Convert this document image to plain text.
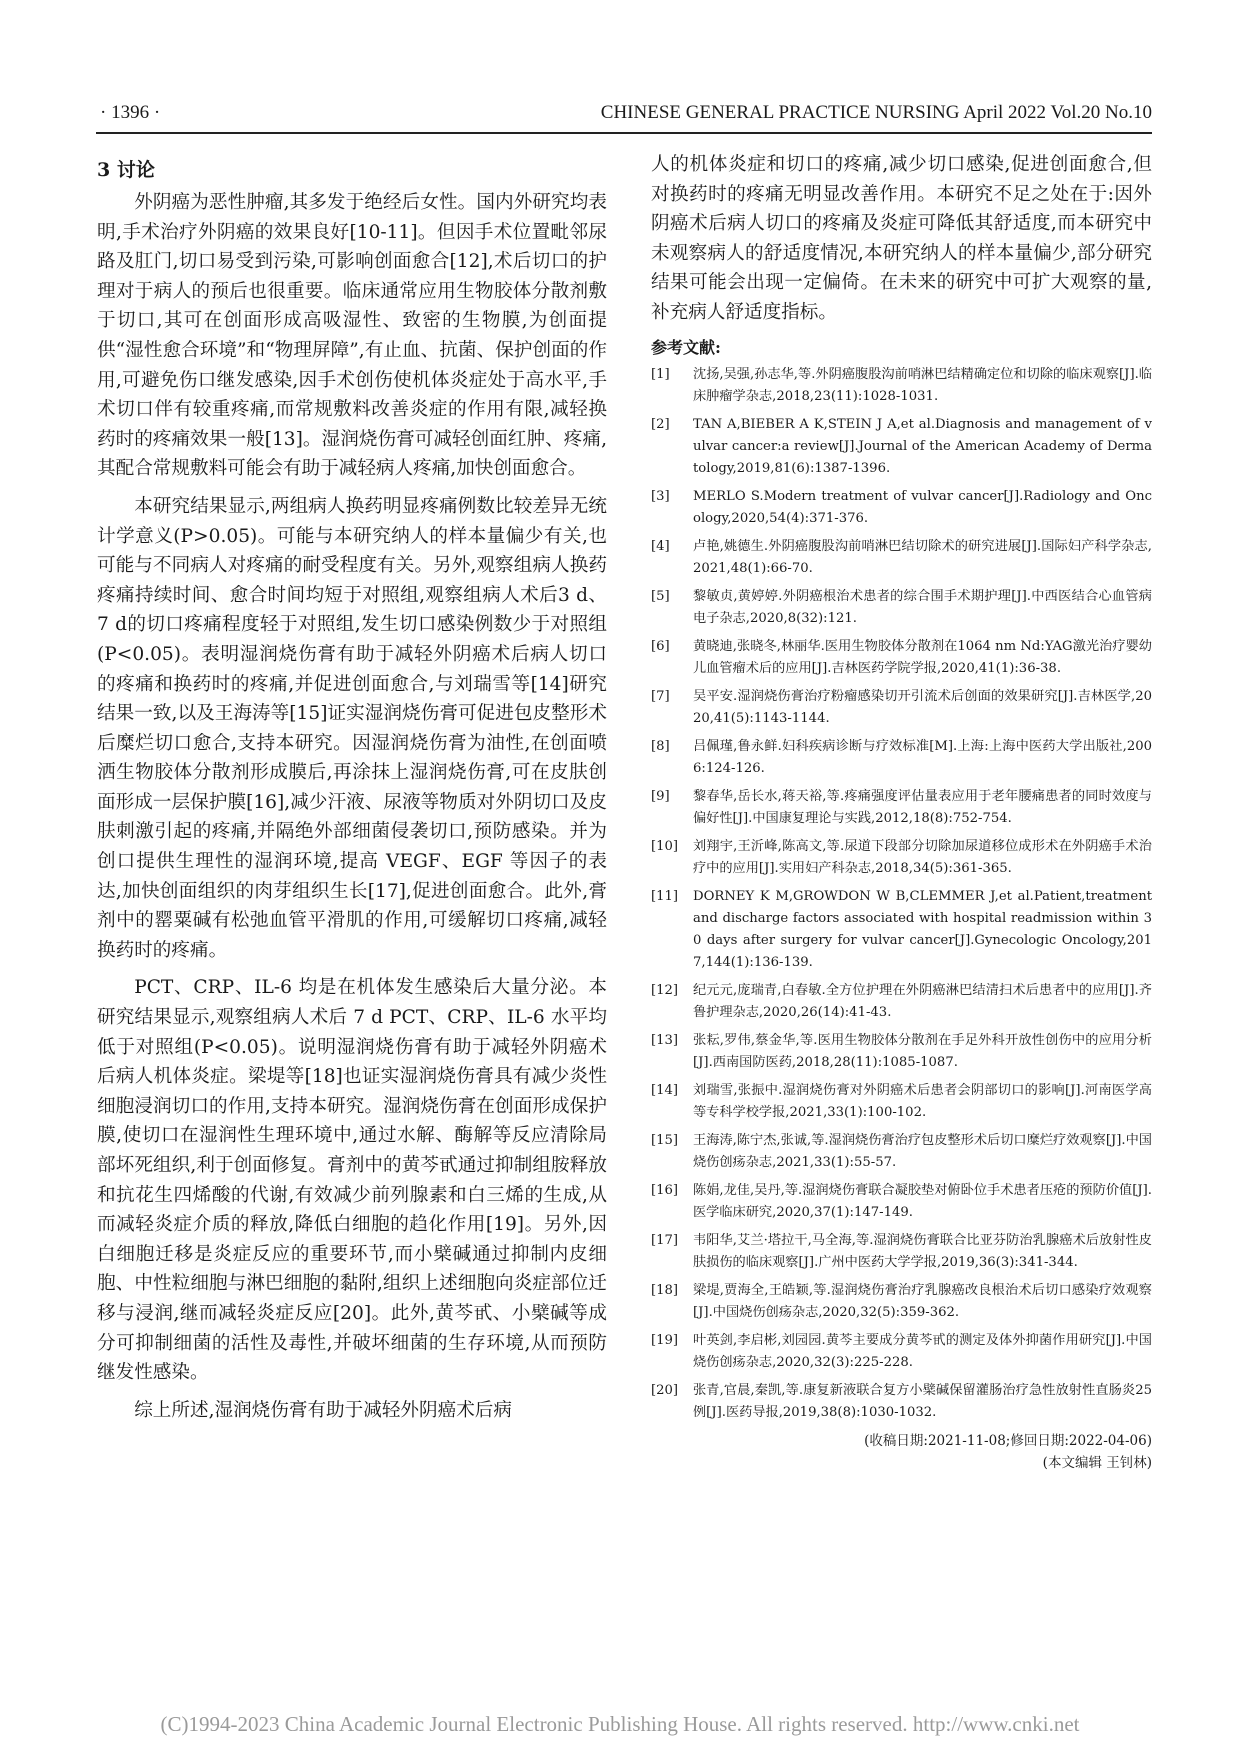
· 1396 ·	CHINESE GENERAL PRACTICE NURSING April 2022 Vol.20 No.10
3 讨论

外阴癌为恶性肿瘤,其多发于绝经后女性。国内外研究均表明,手术治疗外阴癌的效果良好[10-11]。但因手术位置毗邻尿路及肛门,切口易受到污染,可影响创面愈合[12],术后切口的护理对于病人的预后也很重要。临床通常应用生物胶体分散剂敷于切口,其可在创面形成高吸湿性、致密的生物膜,为创面提供“湿性愈合环境”和“物理屏障”,有止血、抗菌、保护创面的作用,可避免伤口继发感染,因手术创伤使机体炎症处于高水平,手术切口伴有较重疼痛,而常规敷料改善炎症的作用有限,减轻换药时的疼痛效果一般[13]。湿润烧伤膏可减轻创面红肿、疼痛,其配合常规敷料可能会有助于减轻病人疼痛,加快创面愈合。

本研究结果显示,两组病人换药明显疼痛例数比较差异无统计学意义(P>0.05)。可能与本研究纳人的样本量偏少有关,也可能与不同病人对疼痛的耐受程度有关。另外,观察组病人换药疼痛持续时间、愈合时间均短于对照组,观察组病人术后3 d、7 d的切口疼痛程度轻于对照组,发生切口感染例数少于对照组(P<0.05)。表明湿润烧伤膏有助于减轻外阴癌术后病人切口的疼痛和换药时的疼痛,并促进创面愈合,与刘瑞雪等[14]研究结果一致,以及王海涛等[15]证实湿润烧伤膏可促进包皮整形术后糜烂切口愈合,支持本研究。因湿润烧伤膏为油性,在创面喷洒生物胶体分散剂形成膜后,再涂抹上湿润烧伤膏,可在皮肤创面形成一层保护膜[16],减少汗液、尿液等物质对外阴切口及皮肤刺激引起的疼痛,并隔绝外部细菌侵袭切口,预防感染。并为创口提供生理性的湿润环境,提高 VEGF、EGF 等因子的表达,加快创面组织的肉芽组织生长[17],促进创面愈合。此外,膏剂中的罂粟碱有松弛血管平滑肌的作用,可缓解切口疼痛,减轻换药时的疼痛。

PCT、CRP、IL-6 均是在机体发生感染后大量分泌。本研究结果显示,观察组病人术后 7 d PCT、CRP、IL-6 水平均低于对照组(P<0.05)。说明湿润烧伤膏有助于减轻外阴癌术后病人机体炎症。梁堤等[18]也证实湿润烧伤膏具有减少炎性细胞浸润切口的作用,支持本研究。湿润烧伤膏在创面形成保护膜,使切口在湿润性生理环境中,通过水解、酶解等反应清除局部坏死组织,利于创面修复。膏剂中的黄芩甙通过抑制组胺释放和抗花生四烯酸的代谢,有效减少前列腺素和白三烯的生成,从而减轻炎症介质的释放,降低白细胞的趋化作用[19]。另外,因白细胞迁移是炎症反应的重要环节,而小檗碱通过抑制内皮细胞、中性粒细胞与淋巴细胞的黏附,组织上述细胞向炎症部位迁移与浸润,继而减轻炎症反应[20]。此外,黄芩甙、小檗碱等成分可抑制细菌的活性及毒性,并破坏细菌的生存环境,从而预防继发性感染。

综上所述,湿润烧伤膏有助于减轻外阴癌术后病

人的机体炎症和切口的疼痛,减少切口感染,促进创面愈合,但对换药时的疼痛无明显改善作用。本研究不足之处在于:因外阴癌术后病人切口的疼痛及炎症可降低其舒适度,而本研究中未观察病人的舒适度情况,本研究纳人的样本量偏少,部分研究结果可能会出现一定偏倚。在未来的研究中可扩大观察的量,补充病人舒适度指标。

参考文献:
[1]	沈扬,吴强,孙志华,等.外阴癌腹股沟前哨淋巴结精确定位和切除的临床观察[J].临床肿瘤学杂志,2018,23(11):1028-1031.
[2]	TAN A,BIEBER A K,STEIN J A,et al.Diagnosis and management of vulvar cancer:a review[J].Journal of the American Academy of Dermatology,2019,81(6):1387-1396.
[3]	MERLO S.Modern treatment of vulvar cancer[J].Radiology and Oncology,2020,54(4):371-376.
[4]	卢艳,姚德生.外阴癌腹股沟前哨淋巴结切除术的研究进展[J].国际妇产科学杂志,2021,48(1):66-70.
[5]	黎敏贞,黄婷婷.外阴癌根治术患者的综合围手术期护理[J].中西医结合心血管病电子杂志,2020,8(32):121.
[6]	黄晓迪,张晓冬,林丽华.医用生物胶体分散剂在1064 nm Nd:YAG激光治疗婴幼儿血管瘤术后的应用[J].吉林医药学院学报,2020,41(1):36-38.
[7]	吴平安.湿润烧伤膏治疗粉瘤感染切开引流术后创面的效果研究[J].吉林医学,2020,41(5):1143-1144.
[8]	吕佩瑾,鲁永鲜.妇科疾病诊断与疗效标准[M].上海:上海中医药大学出版社,2006:124-126.
[9]	黎春华,岳长水,蒋天裕,等.疼痛强度评估量表应用于老年腰痛患者的同时效度与偏好性[J].中国康复理论与实践,2012,18(8):752-754.
[10]	刘翔宇,王沂峰,陈高文,等.尿道下段部分切除加尿道移位成形术在外阴癌手术治疗中的应用[J].实用妇产科杂志,2018,34(5):361-365.
[11]	DORNEY K M,GROWDON W B,CLEMMER J,et al.Patient,treatment and discharge factors associated with hospital readmission within 30 days after surgery for vulvar cancer[J].Gynecologic Oncology,2017,144(1):136-139.
[12]	纪元元,庞瑞青,白春敏.全方位护理在外阴癌淋巴结清扫术后患者中的应用[J].齐鲁护理杂志,2020,26(14):41-43.
[13]	张耘,罗伟,蔡金华,等.医用生物胶体分散剂在手足外科开放性创伤中的应用分析[J].西南国防医药,2018,28(11):1085-1087.
[14]	刘瑞雪,张振中.湿润烧伤膏对外阴癌术后患者会阴部切口的影响[J].河南医学高等专科学校学报,2021,33(1):100-102.
[15]	王海涛,陈宁杰,张诚,等.湿润烧伤膏治疗包皮整形术后切口糜烂疗效观察[J].中国烧伤创疡杂志,2021,33(1):55-57.
[16]	陈娟,龙佳,吴丹,等.湿润烧伤膏联合凝胶垫对俯卧位手术患者压疮的预防价值[J].医学临床研究,2020,37(1):147-149.
[17]	韦阳华,艾兰·塔拉干,马全海,等.湿润烧伤膏联合比亚芬防治乳腺癌术后放射性皮肤损伤的临床观察[J].广州中医药大学学报,2019,36(3):341-344.
[18]	梁堤,贾海全,王皓颖,等.湿润烧伤膏治疗乳腺癌改良根治术后切口感染疗效观察[J].中国烧伤创疡杂志,2020,32(5):359-362.
[19]	叶英剑,李启彬,刘园园.黄芩主要成分黄芩甙的测定及体外抑菌作用研究[J].中国烧伤创疡杂志,2020,32(3):225-228.
[20]	张青,官晨,秦凯,等.康复新液联合复方小檗碱保留灌肠治疗急性放射性直肠炎25例[J].医药导报,2019,38(8):1030-1032.
(收稿日期:2021-11-08;修回日期:2022-04-06)
(本文编辑 王钊林)
(C)1994-2023 China Academic Journal Electronic Publishing House. All rights reserved. http://www.cnki.net
